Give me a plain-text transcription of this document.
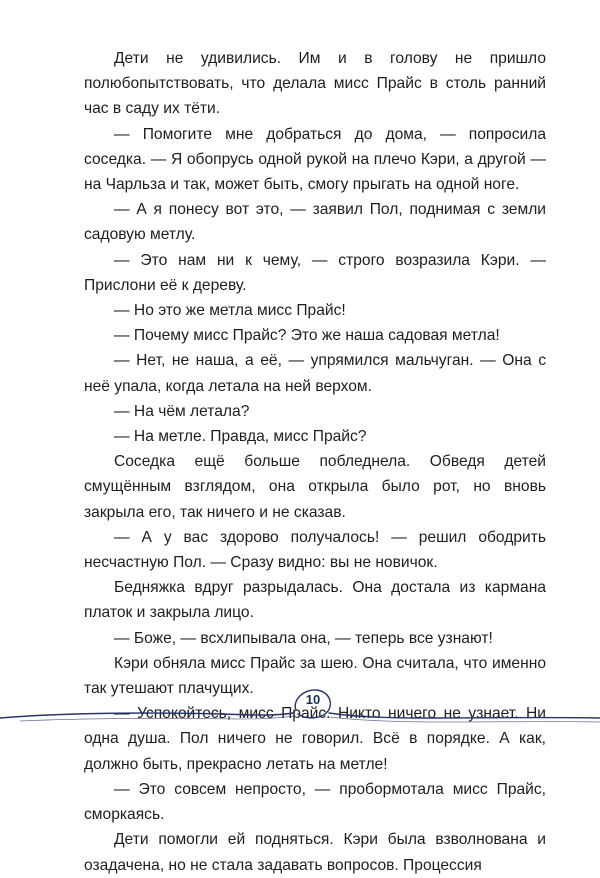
Дети не удивились. Им и в голову не пришло полюбопытствовать, что делала мисс Прайс в столь ранний час в саду их тёти.

— Помогите мне добраться до дома, — попросила соседка. — Я обопрусь одной рукой на плечо Кэри, а другой — на Чарльза и так, может быть, смогу прыгать на одной ноге.

— А я понесу вот это, — заявил Пол, поднимая с земли садовую метлу.

— Это нам ни к чему, — строго возразила Кэри. — Прислони её к дереву.

— Но это же метла мисс Прайс!

— Почему мисс Прайс? Это же наша садовая метла!

— Нет, не наша, а её, — упрямился мальчуган. — Она с неё упала, когда летала на ней верхом.

— На чём летала?

— На метле. Правда, мисс Прайс?

Соседка ещё больше побледнела. Обведя детей смущённым взглядом, она открыла было рот, но вновь закрыла его, так ничего и не сказав.

— А у вас здорово получалось! — решил ободрить несчастную Пол. — Сразу видно: вы не новичок.

Бедняжка вдруг разрыдалась. Она достала из кармана платок и закрыла лицо.

— Боже, — всхлипывала она, — теперь все узнают!

Кэри обняла мисс Прайс за шею. Она считала, что именно так утешают плачущих.

— Успокойтесь, мисс Прайс. Никто ничего не узнает. Ни одна душа. Пол ничего не говорил. Всё в порядке. А как, должно быть, прекрасно летать на метле!

— Это совсем непросто, — пробормотала мисс Прайс, сморкаясь.

Дети помогли ей подняться. Кэри была взволнована и озадачена, но не стала задавать вопросов. Процессия

10
